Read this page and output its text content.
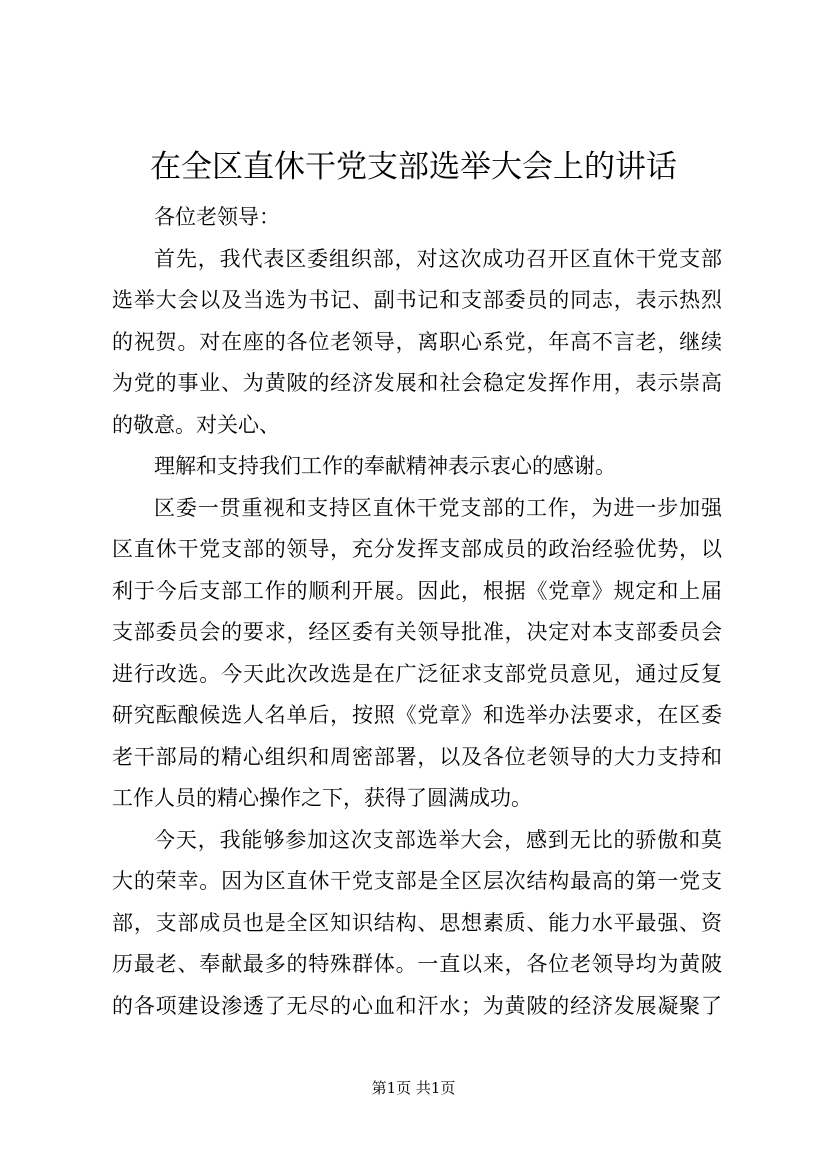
在全区直休干党支部选举大会上的讲话
各位老领导：
首先，我代表区委组织部，对这次成功召开区直休干党支部
选举大会以及当选为书记、副书记和支部委员的同志，表示热烈
的祝贺。对在座的各位老领导，离职心系党，年高不言老，继续
为党的事业、为黄陂的经济发展和社会稳定发挥作用，表示崇高
的敬意。对关心、
理解和支持我们工作的奉献精神表示衷心的感谢。
区委一贯重视和支持区直休干党支部的工作，为进一步加强
区直休干党支部的领导，充分发挥支部成员的政治经验优势，以
利于今后支部工作的顺利开展。因此，根据《党章》规定和上届
支部委员会的要求，经区委有关领导批准，决定对本支部委员会
进行改选。今天此次改选是在广泛征求支部党员意见，通过反复
研究酝酿候选人名单后，按照《党章》和选举办法要求，在区委
老干部局的精心组织和周密部署，以及各位老领导的大力支持和
工作人员的精心操作之下，获得了圆满成功。
今天，我能够参加这次支部选举大会，感到无比的骄傲和莫
大的荣幸。因为区直休干党支部是全区层次结构最高的第一党支
部，支部成员也是全区知识结构、思想素质、能力水平最强、资
历最老、奉献最多的特殊群体。一直以来，各位老领导均为黄陂
的各项建设渗透了无尽的心血和汗水；为黄陂的经济发展凝聚了
第1页 共1页
